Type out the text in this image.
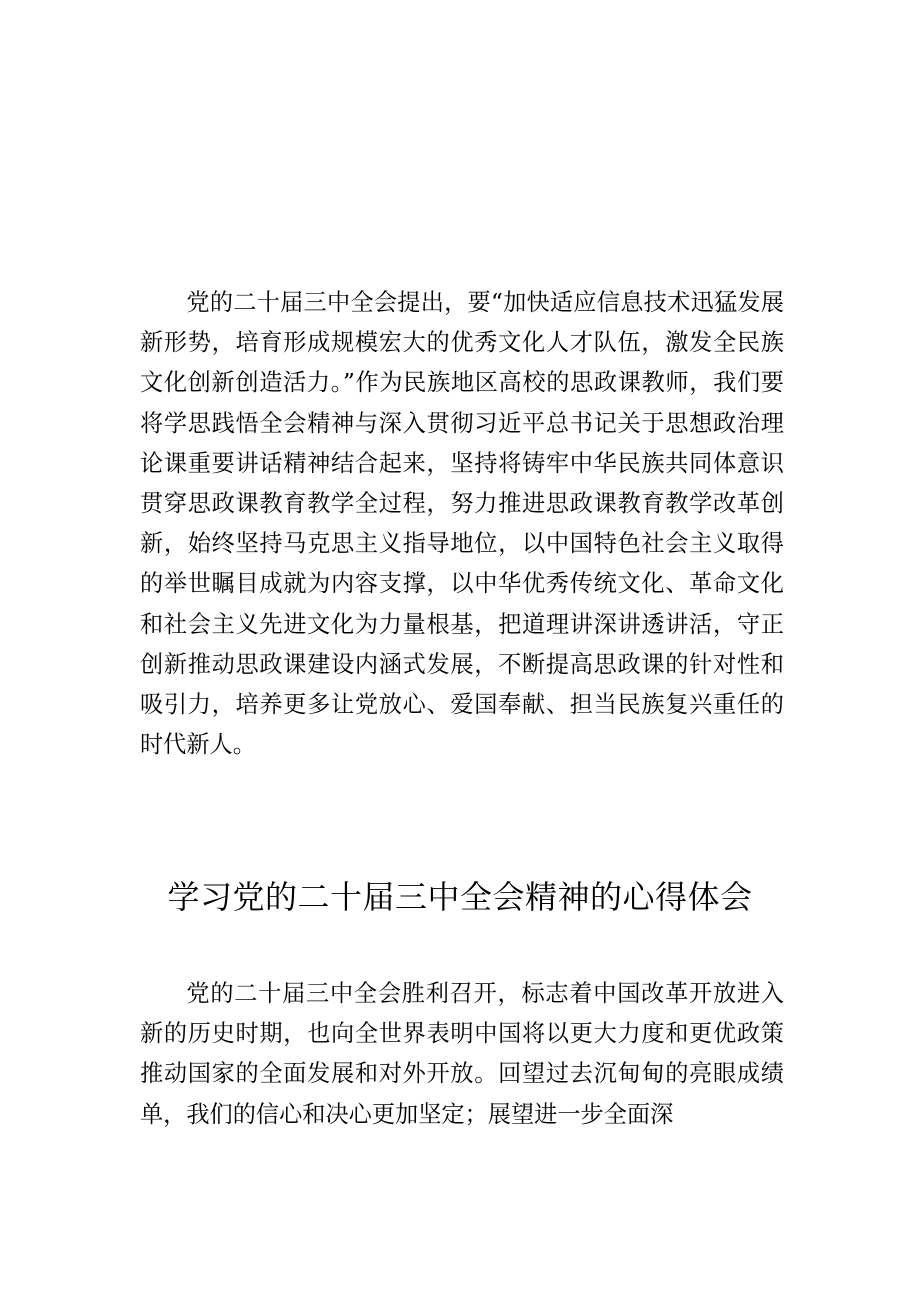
党的二十届三中全会提出，要“加快适应信息技术迅猛发展新形势，培育形成规模宏大的优秀文化人才队伍，激发全民族文化创新创造活力。”作为民族地区高校的思政课教师，我们要将学思践悟全会精神与深入贯彻习近平总书记关于思想政治理论课重要讲话精神结合起来，坚持将铸牢中华民族共同体意识贯穿思政课教育教学全过程，努力推进思政课教育教学改革创新，始终坚持马克思主义指导地位，以中国特色社会主义取得的举世瞩目成就为内容支撑，以中华优秀传统文化、革命文化和社会主义先进文化为力量根基，把道理讲深讲透讲活，守正创新推动思政课建设内涵式发展，不断提高思政课的针对性和吸引力，培养更多让党放心、爱国奉献、担当民族复兴重任的时代新人。

学习党的二十届三中全会精神的心得体会

党的二十届三中全会胜利召开，标志着中国改革开放进入新的历史时期，也向全世界表明中国将以更大力度和更优政策推动国家的全面发展和对外开放。回望过去沉甸甸的亮眼成绩单，我们的信心和决心更加坚定；展望进一步全面深
